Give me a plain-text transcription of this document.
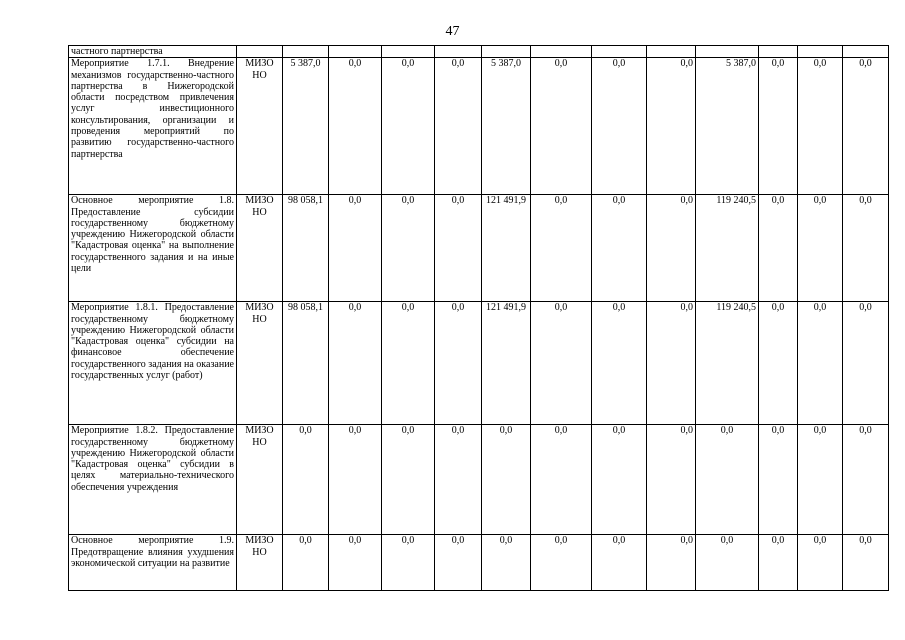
47
частного партнерства													
Мероприятие 1.7.1. Внедрение механизмов государственно-частного партнерства в Нижегородской области посредством привлечения услуг инвестиционного консультирования, организации и проведения мероприятий по развитию государственно-частного партнерства	МИЗО НО	5 387,0	0,0	0,0	0,0	5 387,0	0,0	0,0	0,0	5 387,0	0,0	0,0	0,0
Основное мероприятие 1.8. Предоставление субсидии государственному бюджетному учреждению Нижегородской области "Кадастровая оценка" на выполнение государственного задания и на иные цели	МИЗО НО	98 058,1	0,0	0,0	0,0	121 491,9	0,0	0,0	0,0	119 240,5	0,0	0,0	0,0
Мероприятие 1.8.1. Предоставление государственному бюджетному учреждению Нижегородской области "Кадастровая оценка" субсидии на финансовое обеспечение государственного задания на оказание государственных услуг (работ)	МИЗО НО	98 058,1	0,0	0,0	0,0	121 491,9	0,0	0,0	0,0	119 240,5	0,0	0,0	0,0
Мероприятие 1.8.2. Предоставление государственному бюджетному учреждению Нижегородской области "Кадастровая оценка" субсидии в целях материально-технического обеспечения учреждения	МИЗО НО	0,0	0,0	0,0	0,0	0,0	0,0	0,0	0,0	0,0	0,0	0,0	0,0
Основное мероприятие 1.9. Предотвращение влияния ухудшения экономической ситуации на развитие	МИЗО НО	0,0	0,0	0,0	0,0	0,0	0,0	0,0	0,0	0,0	0,0	0,0	0,0
